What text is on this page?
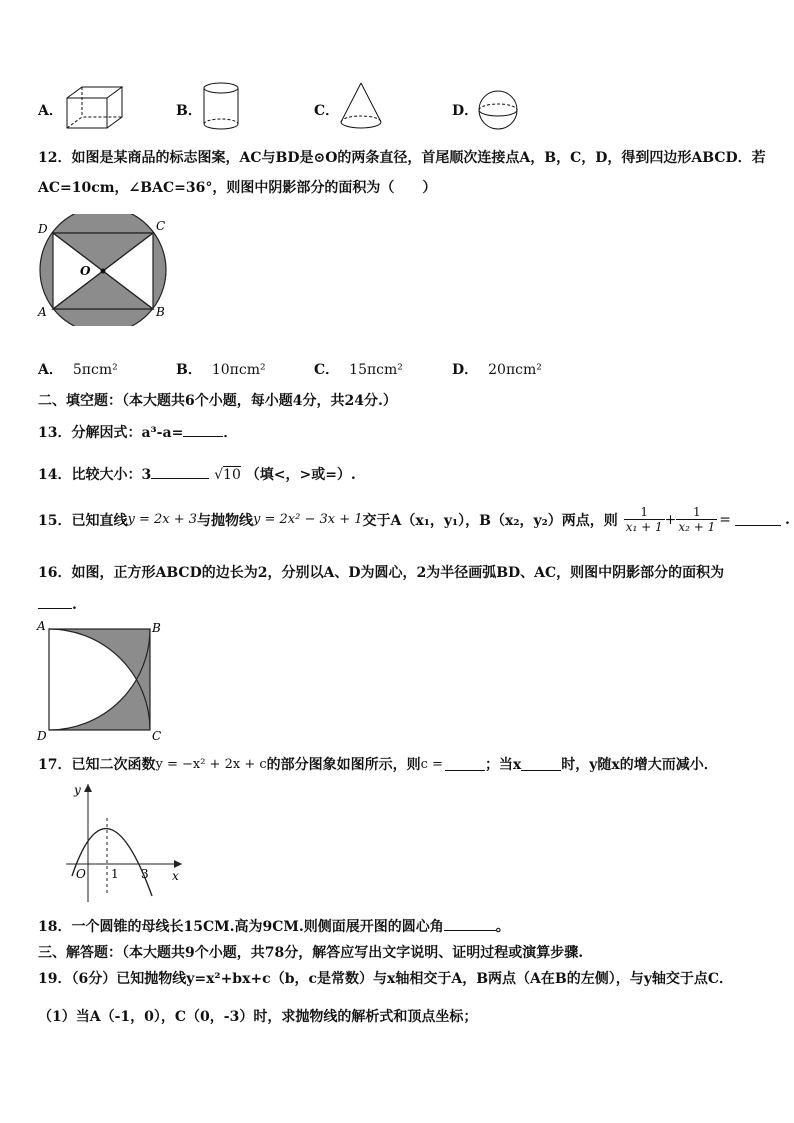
A．	B．	C．	D．
12．如图是某商品的标志图案，AC与BD是⊙O的两条直径，首尾顺次连接点A，B，C，D，得到四边形ABCD．若
AC=10cm，∠BAC=36°，则图中阴影部分的面积为（　　）
D	C
O
A	B
A． 5πcm²	B． 10πcm²	C． 15πcm²	D． 20πcm²
二、填空题：（本大题共6个小题，每小题4分，共24分.）
13．分解因式：a³-a=	．
14．比较大小：3	√10 （填<，>或=）.
15．已知直线 y = 2x + 3 与抛物线 y = 2x² − 3x + 1 交于A（x₁，y₁），B（x₂，y₂）两点，则 $\frac{1}{\text{x₁ + 1}} + \frac{1}{\text{x₂ + 1}}$ =	.
16．如图，正方形ABCD的边长为2，分别以A、D为圆心，2为半径画弧BD、AC，则图中阴影部分的面积为
.
A	B
C
D
17．已知二次函数 y = −x² + 2x + c 的部分图象如图所示，则 c =	；当x	时，y随x的增大而减小．
y
O 1 3 x
18．一个圆锥的母线长15CM.高为9CM.则侧面展开图的圆心角	。
三、解答题：（本大题共9个小题，共78分，解答应写出文字说明、证明过程或演算步骤.
19．（6分）已知抛物线y=x²+bx+c（b，c是常数）与x轴相交于A，B两点（A在B的左侧），与y轴交于点C．
（1）当A（-1，0），C（0，-3）时，求抛物线的解析式和顶点坐标；
